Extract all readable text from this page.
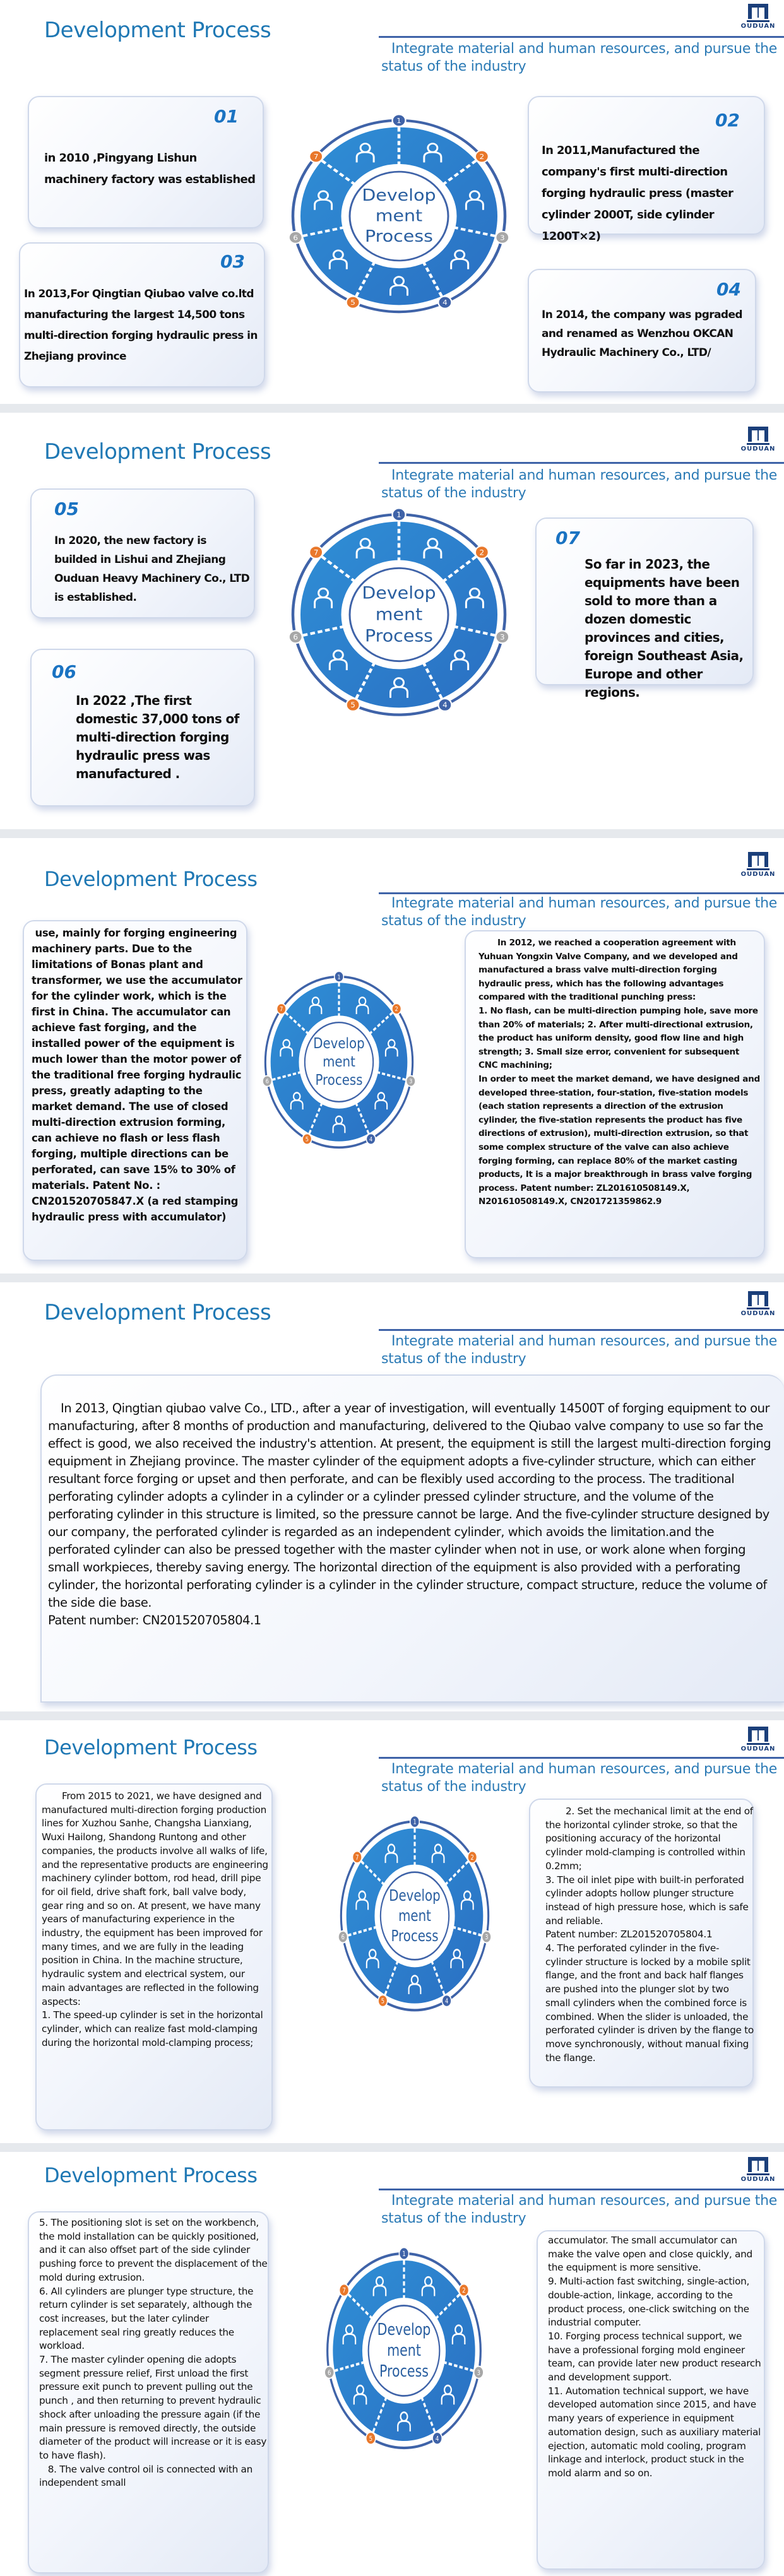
OUDUAN
Development Process
Integrate material and human resources, and pursue the status of the industry
01
in 2010 ,Pingyang Lishun machinery factory was established
02
In 2011,Manufactured the company's first multi-direction forging hydraulic press (master cylinder 2000T, side cylinder 1200T×2)
1
2
3
4
5
6
7
Develop
ment
Process
03
In 2013,For Qingtian Qiubao valve co.ltd manufacturing the largest 14,500 tons multi-direction forging hydraulic press in Zhejiang province
04
In 2014, the company was pgraded and renamed as Wenzhou OKCAN Hydraulic Machinery Co., LTD/
OUDUAN
Development Process
Integrate material and human resources, and pursue the status of the industry
05
In 2020, the new factory is builded in Lishui and Zhejiang Ouduan Heavy Machinery Co., LTD is established.
1
2
3
4
5
6
7
Develop
ment
Process
07
So far in 2023, the equipments have been sold to more than a dozen domestic provinces and cities, foreign Southeast Asia, Europe and other regions.
06
In 2022 ,The first domestic 37,000 tons of multi-direction forging hydraulic press was manufactured .
OUDUAN
Development Process
Integrate material and human resources, and pursue the status of the industry
use, mainly for forging engineering machinery parts. Due to the limitations of Bonas plant and transformer, we use the accumulator for the cylinder work, which is the first in China. The accumulator can achieve fast forging, and the installed power of the equipment is much lower than the motor power of the traditional free forging hydraulic press, greatly adapting to the market demand. The use of closed multi-direction extrusion forming, can achieve no flash or less flash forging, multiple directions can be perforated, can save 15% to 30% of materials. Patent No. : CN201520705847.X (a red stamping hydraulic press with accumulator)
1
2
3
4
5
6
7
Develop
ment
Process
In 2012, we reached a cooperation agreement with Yuhuan Yongxin Valve Company, and we developed and manufactured a brass valve multi-direction forging hydraulic press, which has the following advantages compared with the traditional punching press:
1. No flash, can be multi-direction pumping hole, save more than 20% of materials; 2. After multi-directional extrusion, the product has uniform density, good flow line and high strength; 3. Small size error, convenient for subsequent CNC machining;
In order to meet the market demand, we have designed and developed three-station, four-station, five-station models (each station represents a direction of the extrusion cylinder, the five-station represents the product has five directions of extrusion), multi-direction extrusion, so that some complex structure of the valve can also achieve forging forming, can replace 80% of the market casting products, It is a major breakthrough in brass valve forging process. Patent number: ZL201610508149.X, N201610508149.X, CN201721359862.9
OUDUAN
Development Process
Integrate material and human resources, and pursue the status of the industry
In 2013, Qingtian qiubao valve Co., LTD., after a year of investigation, will eventually 14500T of forging equipment to our manufacturing, after 8 months of production and manufacturing, delivered to the Qiubao valve company to use so far the effect is good, we also received the industry's attention. At present, the equipment is still the largest multi-direction forging equipment in Zhejiang province. The master cylinder of the equipment adopts a five-cylinder structure, which can either resultant force forging or upset and then perforate, and can be flexibly used according to the process. The traditional perforating cylinder adopts a cylinder in a cylinder or a cylinder pressed cylinder structure, and the volume of the perforating cylinder in this structure is limited, so the pressure cannot be large. And the five-cylinder structure designed by our company, the perforated cylinder is regarded as an independent cylinder, which avoids the limitation.and the perforated cylinder can also be pressed together with the master cylinder when not in use, or work alone when forging small workpieces, thereby saving energy. The horizontal direction of the equipment is also provided with a perforating cylinder, the horizontal perforating cylinder is a cylinder in the cylinder structure, compact structure, reduce the volume of the side die base.
Patent number: CN201520705804.1
OUDUAN
Development Process
Integrate material and human resources, and pursue the status of the industry
From 2015 to 2021, we have designed and manufactured multi-direction forging production lines for Xuzhou Sanhe, Changsha Lianxiang, Wuxi Hailong, Shandong Runtong and other companies, the products involve all walks of life, and the representative products are engineering machinery cylinder bottom, rod head, drill pipe for oil field, drive shaft fork, ball valve body, gear ring and so on. At present, we have many years of manufacturing experience in the industry, the equipment has been improved for many times, and we are fully in the leading position in China. In the machine structure, hydraulic system and electrical system, our main advantages are reflected in the following aspects:
1. The speed-up cylinder is set in the horizontal cylinder, which can realize fast mold-clamping during the horizontal mold-clamping process;
1
2
3
4
5
6
7
Develop
ment
Process
2. Set the mechanical limit at the end of the horizontal cylinder stroke, so that the positioning accuracy of the horizontal cylinder mold-clamping is controlled within 0.2mm;
3. The oil inlet pipe with built-in perforated cylinder adopts hollow plunger structure instead of high pressure hose, which is safe and reliable.
Patent number: ZL201520705804.1
4. The perforated cylinder in the five-cylinder structure is locked by a mobile split flange, and the front and back half flanges are pushed into the plunger slot by two small cylinders when the combined force is combined. When the slider is unloaded, the perforated cylinder is driven by the flange to move synchronously, without manual fixing the flange.
OUDUAN
Development Process
Integrate material and human resources, and pursue the status of the industry
5. The positioning slot is set on the workbench, the mold installation can be quickly positioned, and it can also offset part of the side cylinder pushing force to prevent the displacement of the mold during extrusion.
6. All cylinders are plunger type structure, the return cylinder is set separately, although the cost increases, but the later cylinder replacement seal ring greatly reduces the workload.
7. The master cylinder opening die adopts segment pressure relief, First unload the first pressure exit punch to prevent pulling out the punch , and then returning to prevent hydraulic shock after unloading the pressure again (if the main pressure is removed directly, the outside diameter of the product will increase or it is easy to have flash).
8. The valve control oil is connected with an independent small
1
2
3
4
5
6
7
Develop
ment
Process
accumulator. The small accumulator can make the valve open and close quickly, and the equipment is more sensitive.
9. Multi-action fast switching, single-action, double-action, linkage, according to the product process, one-click switching on the industrial computer.
10. Forging process technical support, we have a professional forging mold engineer team, can provide later new product research and development support.
11. Automation technical support, we have developed automation since 2015, and have many years of experience in equipment automation design, such as auxiliary material ejection, automatic mold cooling, program linkage and interlock, product stuck in the mold alarm and so on.
